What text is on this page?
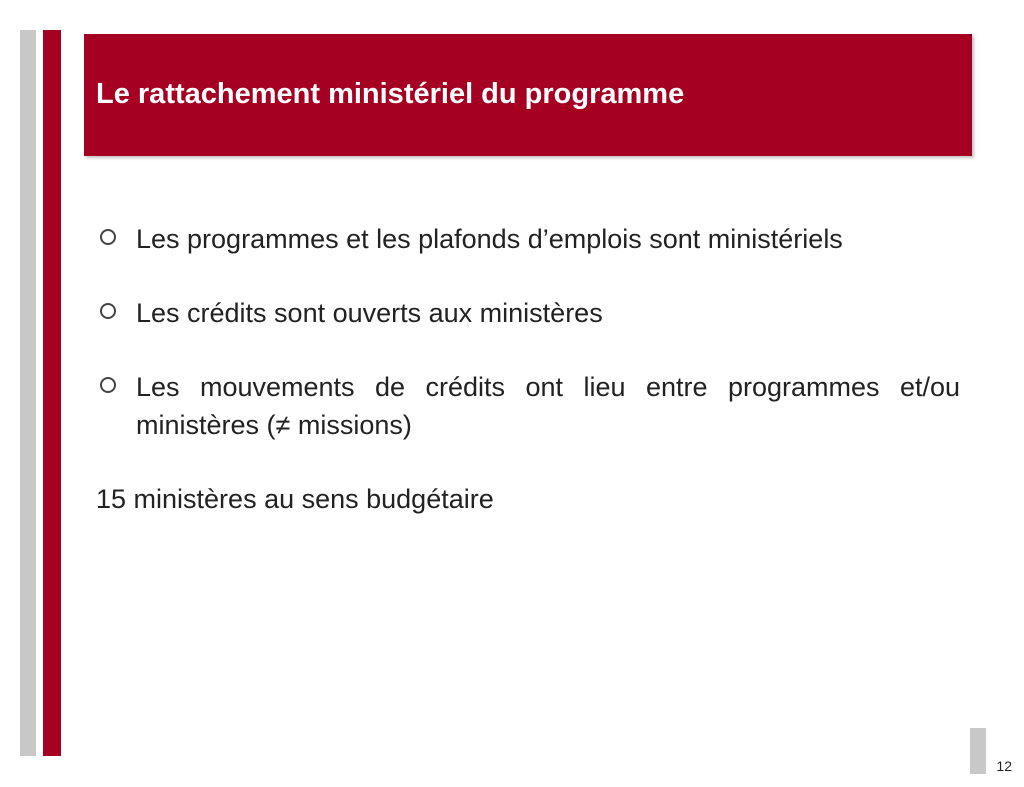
Le rattachement ministériel du programme
Les programmes et les plafonds d’emplois sont ministériels
Les crédits sont ouverts aux ministères
Les mouvements de crédits ont lieu entre programmes et/ou ministères (≠ missions)
15 ministères au sens budgétaire
12
